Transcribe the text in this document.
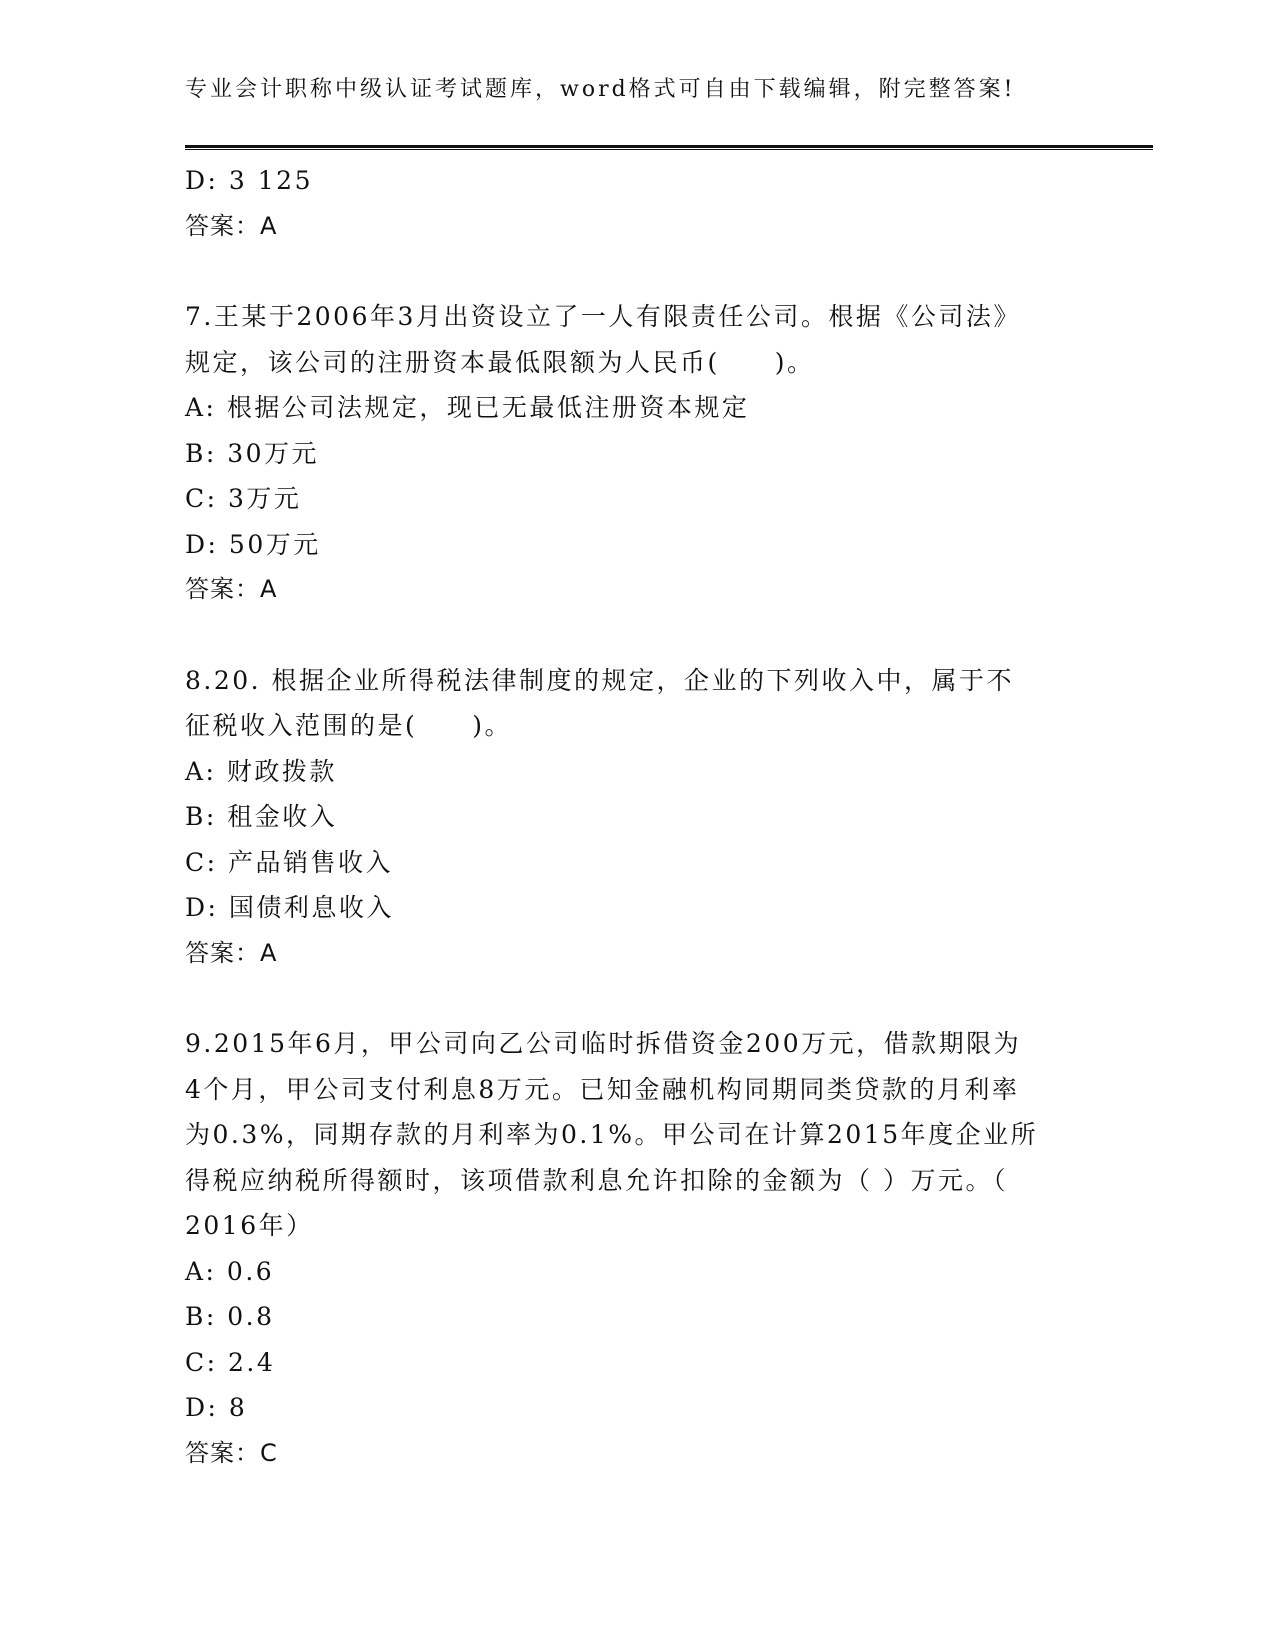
专业会计职称中级认证考试题库，word格式可自由下载编辑，附完整答案!
D: 3 125
答案：A
7.王某于2006年3月出资设立了一人有限责任公司。根据《公司法》
规定，该公司的注册资本最低限额为人民币(　　)。
A: 根据公司法规定，现已无最低注册资本规定
B: 30万元
C: 3万元
D: 50万元
答案：A
8.20. 根据企业所得税法律制度的规定，企业的下列收入中，属于不
征税收入范围的是(　　)。
A: 财政拨款
B: 租金收入
C: 产品销售收入
D: 国债利息收入
答案：A
9.2015年6月，甲公司向乙公司临时拆借资金200万元，借款期限为
4个月，甲公司支付利息8万元。已知金融机构同期同类贷款的月利率
为0.3%，同期存款的月利率为0.1%。甲公司在计算2015年度企业所
得税应纳税所得额时，该项借款利息允许扣除的金额为（ ）万元。（
2016年）
A: 0.6
B: 0.8
C: 2.4
D: 8
答案：C
